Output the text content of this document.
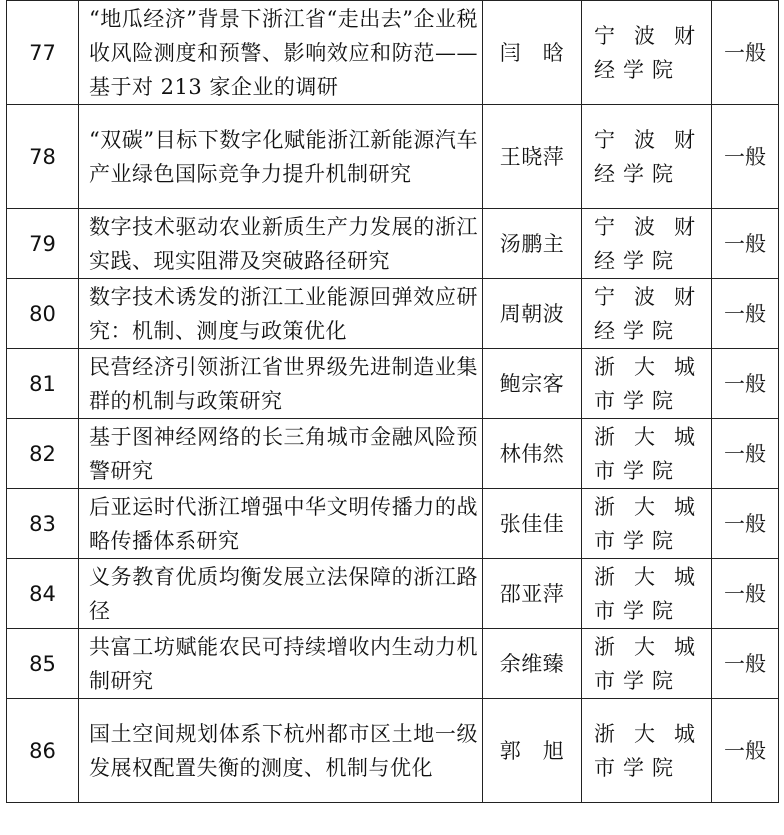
77	“地瓜经济”背景下浙江省“走出去”企业税收风险测度和预警、影响效应和防范——基于对 213 家企业的调研	闫　晗	宁波财经学院	一般
78	“双碳”目标下数字化赋能浙江新能源汽车产业绿色国际竞争力提升机制研究	王晓萍	宁波财经学院	一般
79	数字技术驱动农业新质生产力发展的浙江实践、现实阻滞及突破路径研究	汤鹏主	宁波财经学院	一般
80	数字技术诱发的浙江工业能源回弹效应研究：机制、测度与政策优化	周朝波	宁波财经学院	一般
81	民营经济引领浙江省世界级先进制造业集群的机制与政策研究	鲍宗客	浙大城市学院	一般
82	基于图神经网络的长三角城市金融风险预警研究	林伟然	浙大城市学院	一般
83	后亚运时代浙江增强中华文明传播力的战略传播体系研究	张佳佳	浙大城市学院	一般
84	义务教育优质均衡发展立法保障的浙江路径	邵亚萍	浙大城市学院	一般
85	共富工坊赋能农民可持续增收内生动力机制研究	余维臻	浙大城市学院	一般
86	国土空间规划体系下杭州都市区土地一级发展权配置失衡的测度、机制与优化	郭　旭	浙大城市学院	一般
